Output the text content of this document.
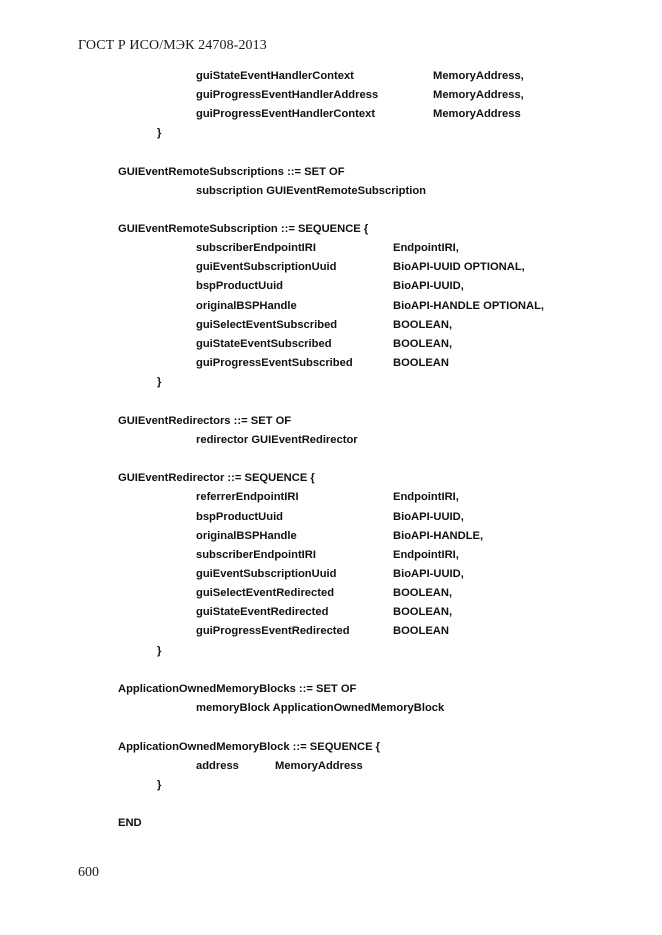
ГОСТ Р ИСО/МЭК 24708-2013
guiStateEventHandlerContext	MemoryAddress,
guiProgressEventHandlerAddress	MemoryAddress,
guiProgressEventHandlerContext	MemoryAddress
}
GUIEventRemoteSubscriptions ::= SET OF
subscription GUIEventRemoteSubscription
GUIEventRemoteSubscription ::= SEQUENCE {
subscriberEndpointIRI	EndpointIRI,
guiEventSubscriptionUuid	BioAPI-UUID OPTIONAL,
bspProductUuid	BioAPI-UUID,
originalBSPHandle	BioAPI-HANDLE OPTIONAL,
guiSelectEventSubscribed	BOOLEAN,
guiStateEventSubscribed	BOOLEAN,
guiProgressEventSubscribed	BOOLEAN
}
GUIEventRedirectors ::= SET OF
redirector GUIEventRedirector
GUIEventRedirector ::= SEQUENCE {
referrerEndpointIRI	EndpointIRI,
bspProductUuid	BioAPI-UUID,
originalBSPHandle	BioAPI-HANDLE,
subscriberEndpointIRI	EndpointIRI,
guiEventSubscriptionUuid	BioAPI-UUID,
guiSelectEventRedirected	BOOLEAN,
guiStateEventRedirected	BOOLEAN,
guiProgressEventRedirected	BOOLEAN
}
ApplicationOwnedMemoryBlocks ::= SET OF
memoryBlock ApplicationOwnedMemoryBlock
ApplicationOwnedMemoryBlock ::= SEQUENCE {
address	MemoryAddress
}
END
600
